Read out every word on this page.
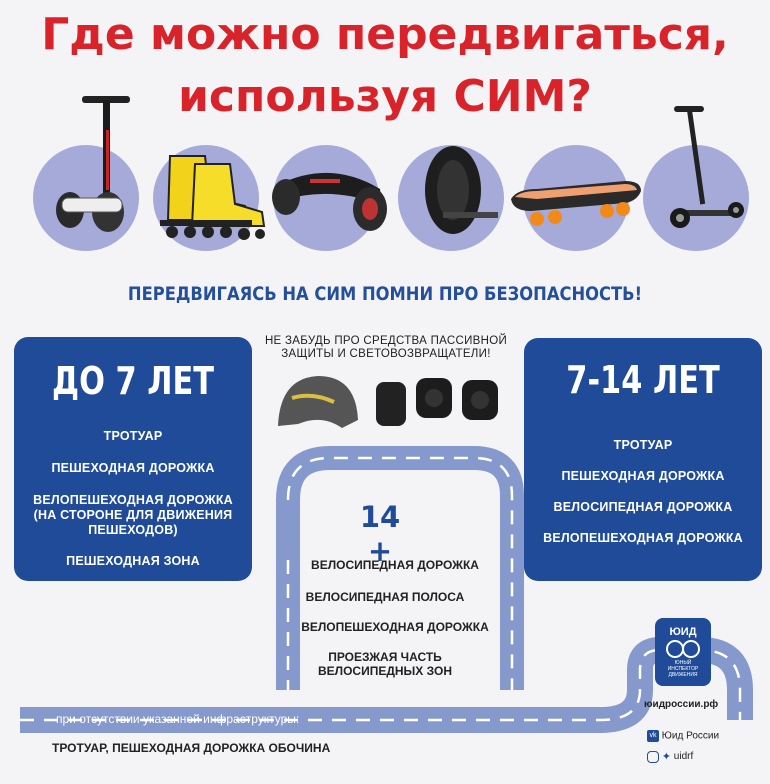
Где можно передвигаться,
используя СИМ?
ПЕРЕДВИГАЯСЬ НА СИМ ПОМНИ ПРО БЕЗОПАСНОСТЬ!
НЕ ЗАБУДЬ ПРО СРЕДСТВА ПАССИВНОЙ
ЗАЩИТЫ И СВЕТОВОЗВРАЩАТЕЛИ!
ДО 7 ЛЕТ
ТРОТУАР
ПЕШЕХОДНАЯ ДОРОЖКА
ВЕЛОПЕШЕХОДНАЯ ДОРОЖКА
(НА СТОРОНЕ ДЛЯ ДВИЖЕНИЯ
ПЕШЕХОДОВ)
ПЕШЕХОДНАЯ ЗОНА
7-14 ЛЕТ
ТРОТУАР
ПЕШЕХОДНАЯ ДОРОЖКА
ВЕЛОСИПЕДНАЯ ДОРОЖКА
ВЕЛОПЕШЕХОДНАЯ ДОРОЖКА
14 +
ВЕЛОСИПЕДНАЯ ДОРОЖКА
ВЕЛОСИПЕДНАЯ ПОЛОСА
ВЕЛОПЕШЕХОДНАЯ ДОРОЖКА
ПРОЕЗЖАЯ ЧАСТЬ
ВЕЛОСИПЕДНЫХ ЗОН
при отсутствии указанной инфраструктуры:
ТРОТУАР, ПЕШЕХОДНАЯ ДОРОЖКА ОБОЧИНА
ЮИД
ЮНЫЙ ИНСПЕКТОР ДВИЖЕНИЯ
юидроссии.рф
vk Юид России
✦ uidrf
